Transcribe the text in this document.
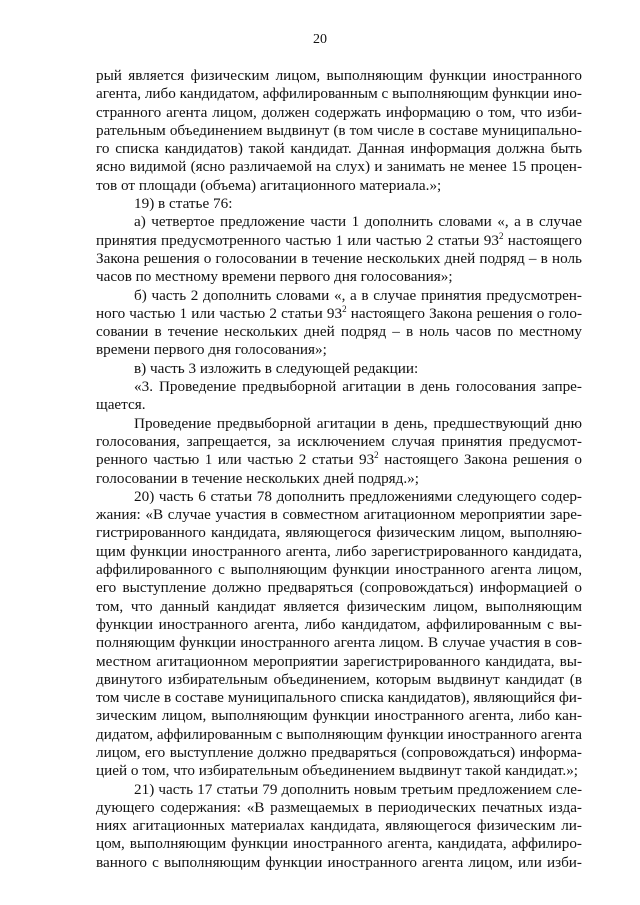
20
рый является физическим лицом, выполняющим функции иностранного
агента, либо кандидатом, аффилированным с выполняющим функции ино-
странного агента лицом, должен содержать информацию о том, что изби-
рательным объединением выдвинут (в том числе в составе муниципально-
го списка кандидатов) такой кандидат. Данная информация должна быть
ясно видимой (ясно различаемой на слух) и занимать не менее 15 процен-
тов от площади (объема) агитационного материала.»;
19) в статье 76:
а) четвертое предложение части 1 дополнить словами «, а в случае
принятия предусмотренного частью 1 или частью 2 статьи $93^2$ настоящего
Закона решения о голосовании в течение нескольких дней подряд – в ноль
часов по местному времени первого дня голосования»;
б) часть 2 дополнить словами «, а в случае принятия предусмотрен-
ного частью 1 или частью 2 статьи $93^2$ настоящего Закона решения о голо-
совании в течение нескольких дней подряд – в ноль часов по местному
времени первого дня голосования»;
в) часть 3 изложить в следующей редакции:
«3. Проведение предвыборной агитации в день голосования запре-
щается.
Проведение предвыборной агитации в день, предшествующий дню
голосования, запрещается, за исключением случая принятия предусмот-
ренного частью 1 или частью 2 статьи $93^2$ настоящего Закона решения о
голосовании в течение нескольких дней подряд.»;
20) часть 6 статьи 78 дополнить предложениями следующего содер-
жания: «В случае участия в совместном агитационном мероприятии заре-
гистрированного кандидата, являющегося физическим лицом, выполняю-
щим функции иностранного агента, либо зарегистрированного кандидата,
аффилированного с выполняющим функции иностранного агента лицом,
его выступление должно предваряться (сопровождаться) информацией о
том, что данный кандидат является физическим лицом, выполняющим
функции иностранного агента, либо кандидатом, аффилированным с вы-
полняющим функции иностранного агента лицом. В случае участия в сов-
местном агитационном мероприятии зарегистрированного кандидата, вы-
двинутого избирательным объединением, которым выдвинут кандидат (в
том числе в составе муниципального списка кандидатов), являющийся фи-
зическим лицом, выполняющим функции иностранного агента, либо кан-
дидатом, аффилированным с выполняющим функции иностранного агента
лицом, его выступление должно предваряться (сопровождаться) информа-
цией о том, что избирательным объединением выдвинут такой кандидат.»;
21) часть 17 статьи 79 дополнить новым третьим предложением сле-
дующего содержания: «В размещаемых в периодических печатных изда-
ниях агитационных материалах кандидата, являющегося физическим ли-
цом, выполняющим функции иностранного агента, кандидата, аффилиро-
ванного с выполняющим функции иностранного агента лицом, или изби-
